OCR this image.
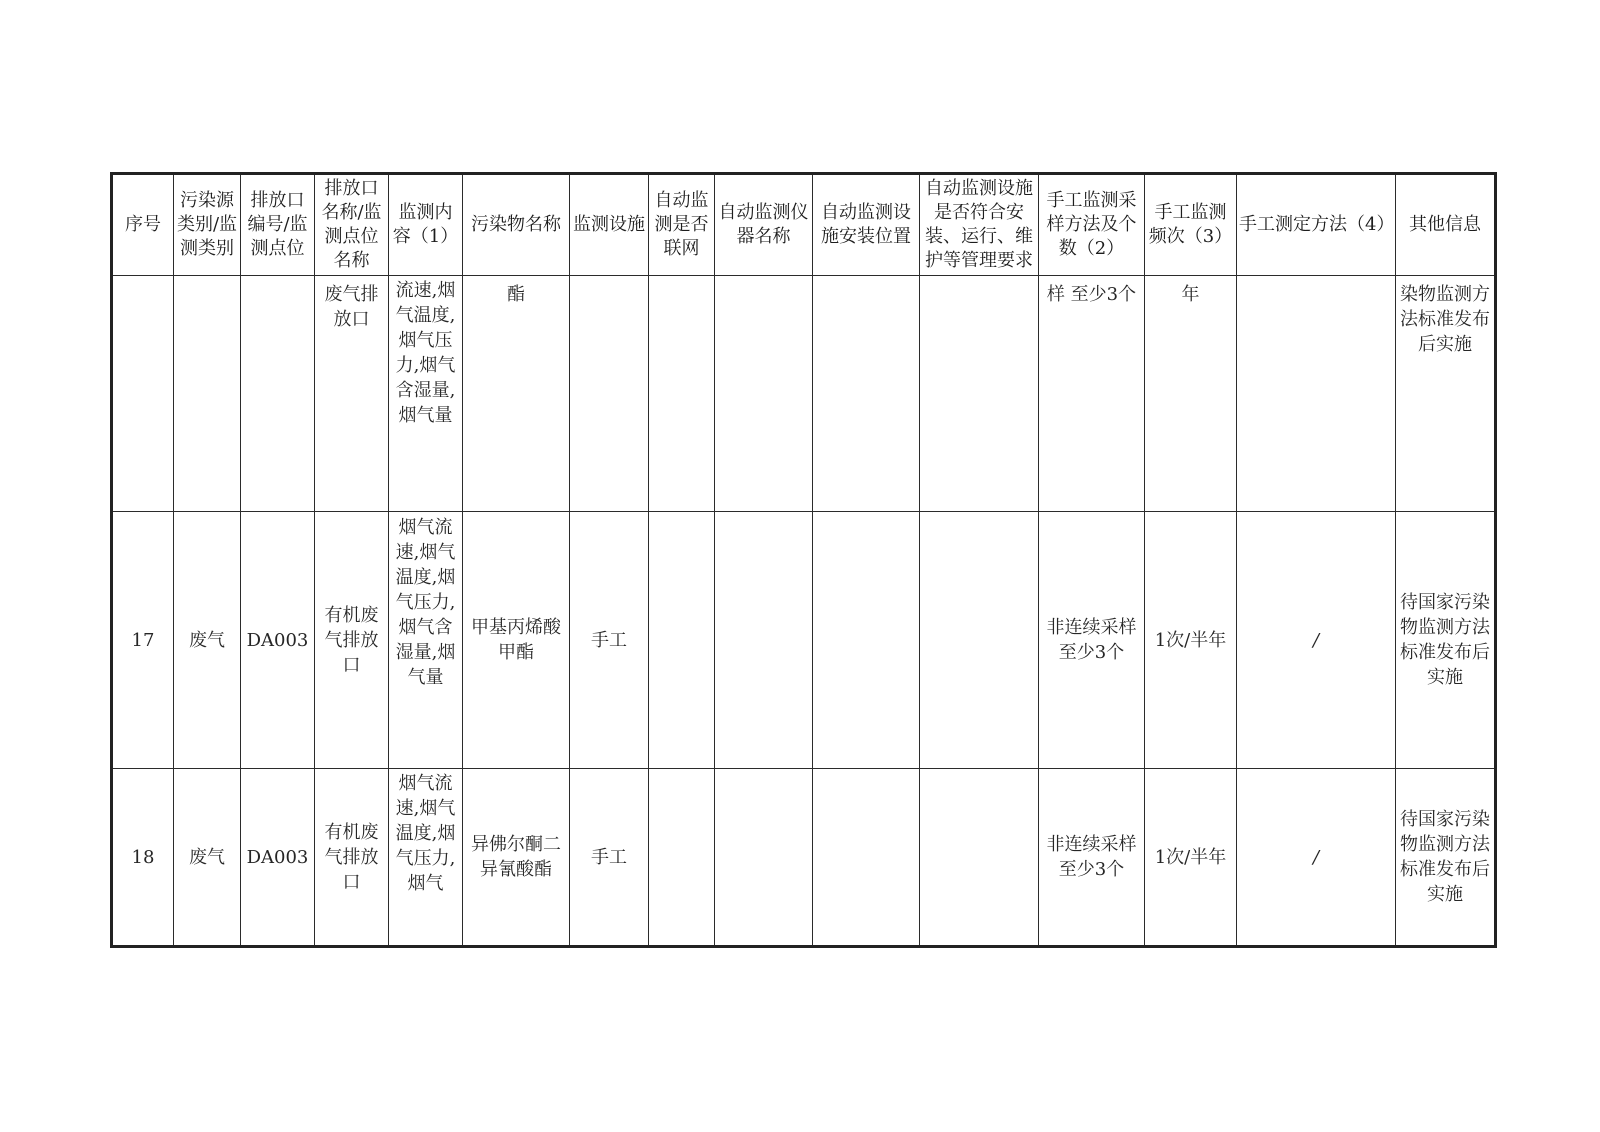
序号	污染源类别/监测类别	排放口编号/监测点位	排放口名称/监测点位名称	监测内容（1）	污染物名称	监测设施	自动监测是否联网	自动监测仪器名称	自动监测设施安装位置	自动监测设施是否符合安装、运行、维护等管理要求	手工监测采样方法及个数（2）	手工监测频次（3）	手工测定方法（4）	其他信息

			废气排放口	流速,烟气温度,烟气压力,烟气含湿量,烟气量	酯						样 至少3个	年		染物监测方法标准发布后实施

17	废气	DA003	有机废气排放口	烟气流速,烟气温度,烟气压力,烟气含湿量,烟气量	甲基丙烯酸甲酯	手工					非连续采样 至少3个	1次/半年	/	待国家污染物监测方法标准发布后实施
18	废气	DA003	有机废气排放口	烟气流速,烟气温度,烟气压力,烟气	异佛尔酮二异氰酸酯	手工					非连续采样 至少3个	1次/半年	/	待国家污染物监测方法标准发布后实施
